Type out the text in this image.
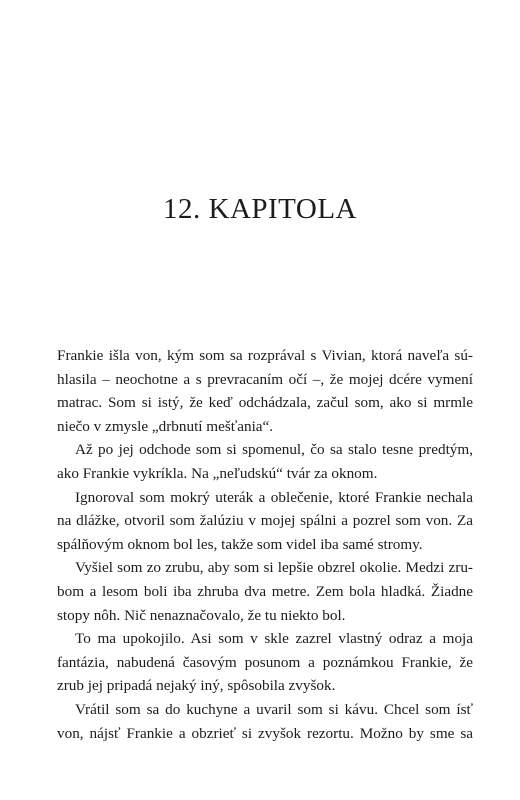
12. KAPITOLA
Frankie išla von, kým som sa rozprával s Vivian, ktorá naveľa sú-
hlasila – neochotne a s prevracaním očí –, že mojej dcére vymení
matrac. Som si istý, že keď odchádzala, začul som, ako si mrmle
niečo v zmysle „drbnutí mešťania“.
Až po jej odchode som si spomenul, čo sa stalo tesne predtým,
ako Frankie vykríkla. Na „neľudskú“ tvár za oknom.
Ignoroval som mokrý uterák a oblečenie, ktoré Frankie nechala
na dlážke, otvoril som žalúziu v mojej spálni a pozrel som von. Za
spálňovým oknom bol les, takže som videl iba samé stromy.
Vyšiel som zo zrubu, aby som si lepšie obzrel okolie. Medzi zru-
bom a lesom boli iba zhruba dva metre. Zem bola hladká. Žiadne
stopy nôh. Nič nenaznačovalo, že tu niekto bol.
To ma upokojilo. Asi som v skle zazrel vlastný odraz a moja
fantázia, nabudená časovým posunom a poznámkou Frankie, že
zrub jej pripadá nejaký iný, spôsobila zvyšok.
Vrátil som sa do kuchyne a uvaril som si kávu. Chcel som ísť
von, nájsť Frankie a obzrieť si zvyšok rezortu. Možno by sme sa
